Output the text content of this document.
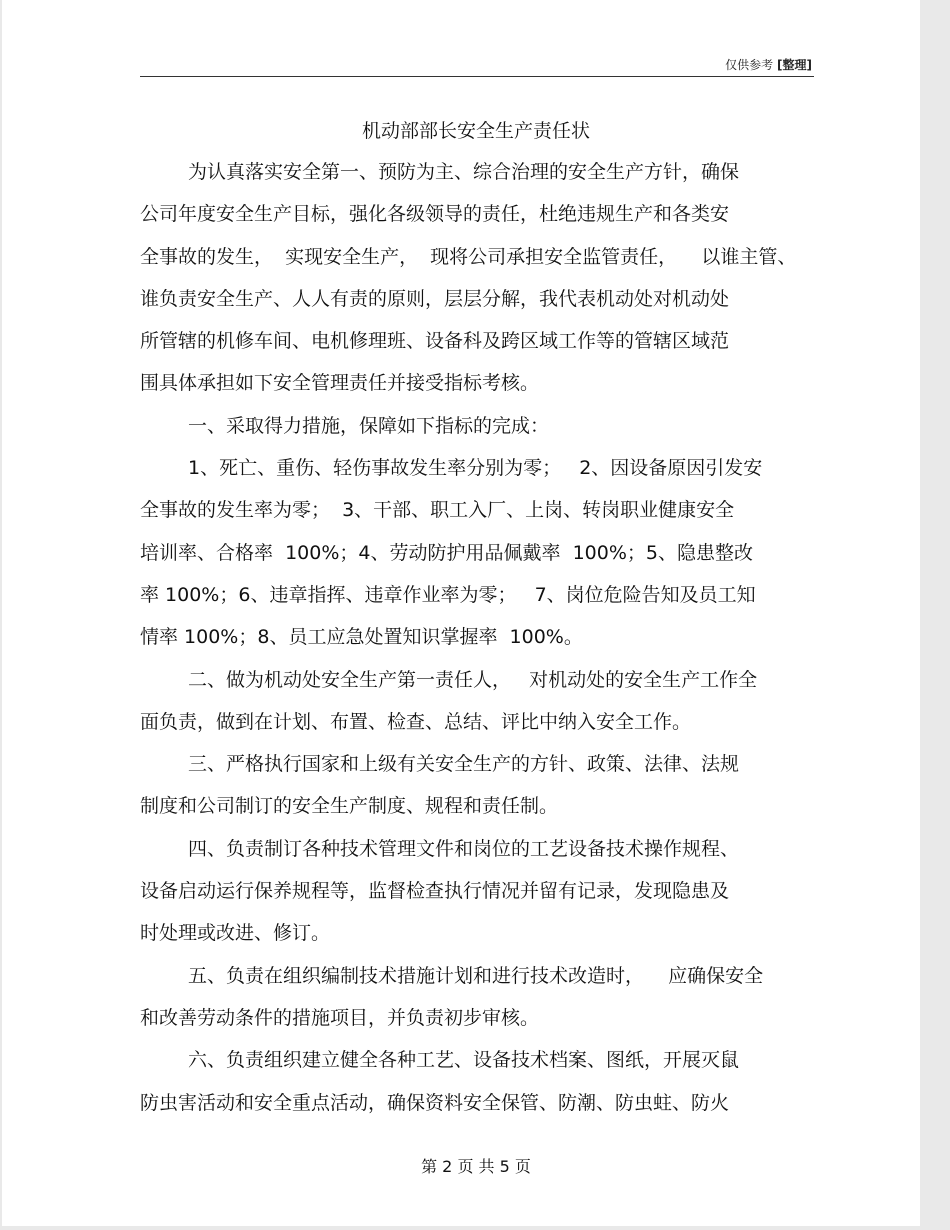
仅供参考 [整理]
机动部部长安全生产责任状
为认真落实安全第一、预防为主、综合治理的安全生产方针，确保
公司年度安全生产目标，强化各级领导的责任，杜绝违规生产和各类安
全事故的发生，  实现安全生产，  现将公司承担安全监管责任，    以谁主管、
谁负责安全生产、人人有责的原则，层层分解，我代表机动处对机动处
所管辖的机修车间、电机修理班、设备科及跨区域工作等的管辖区域范
围具体承担如下安全管理责任并接受指标考核。
一、采取得力措施，保障如下指标的完成：
1、死亡、重伤、轻伤事故发生率分别为零；   2、因设备原因引发安
全事故的发生率为零；  3、干部、职工入厂、上岗、转岗职业健康安全
培训率、合格率  100%；4、劳动防护用品佩戴率  100%；5、隐患整改
率 100%；6、违章指挥、违章作业率为零；   7、岗位危险告知及员工知
情率 100%；8、员工应急处置知识掌握率  100%。
二、做为机动处安全生产第一责任人，   对机动处的安全生产工作全
面负责，做到在计划、布置、检查、总结、评比中纳入安全工作。
三、严格执行国家和上级有关安全生产的方针、政策、法律、法规
制度和公司制订的安全生产制度、规程和责任制。
四、负责制订各种技术管理文件和岗位的工艺设备技术操作规程、
设备启动运行保养规程等，监督检查执行情况并留有记录，发现隐患及
时处理或改进、修订。
五、负责在组织编制技术措施计划和进行技术改造时，    应确保安全
和改善劳动条件的措施项目，并负责初步审核。
六、负责组织建立健全各种工艺、设备技术档案、图纸，开展灭鼠
防虫害活动和安全重点活动，确保资料安全保管、防潮、防虫蛀、防火
第 2 页 共 5 页
